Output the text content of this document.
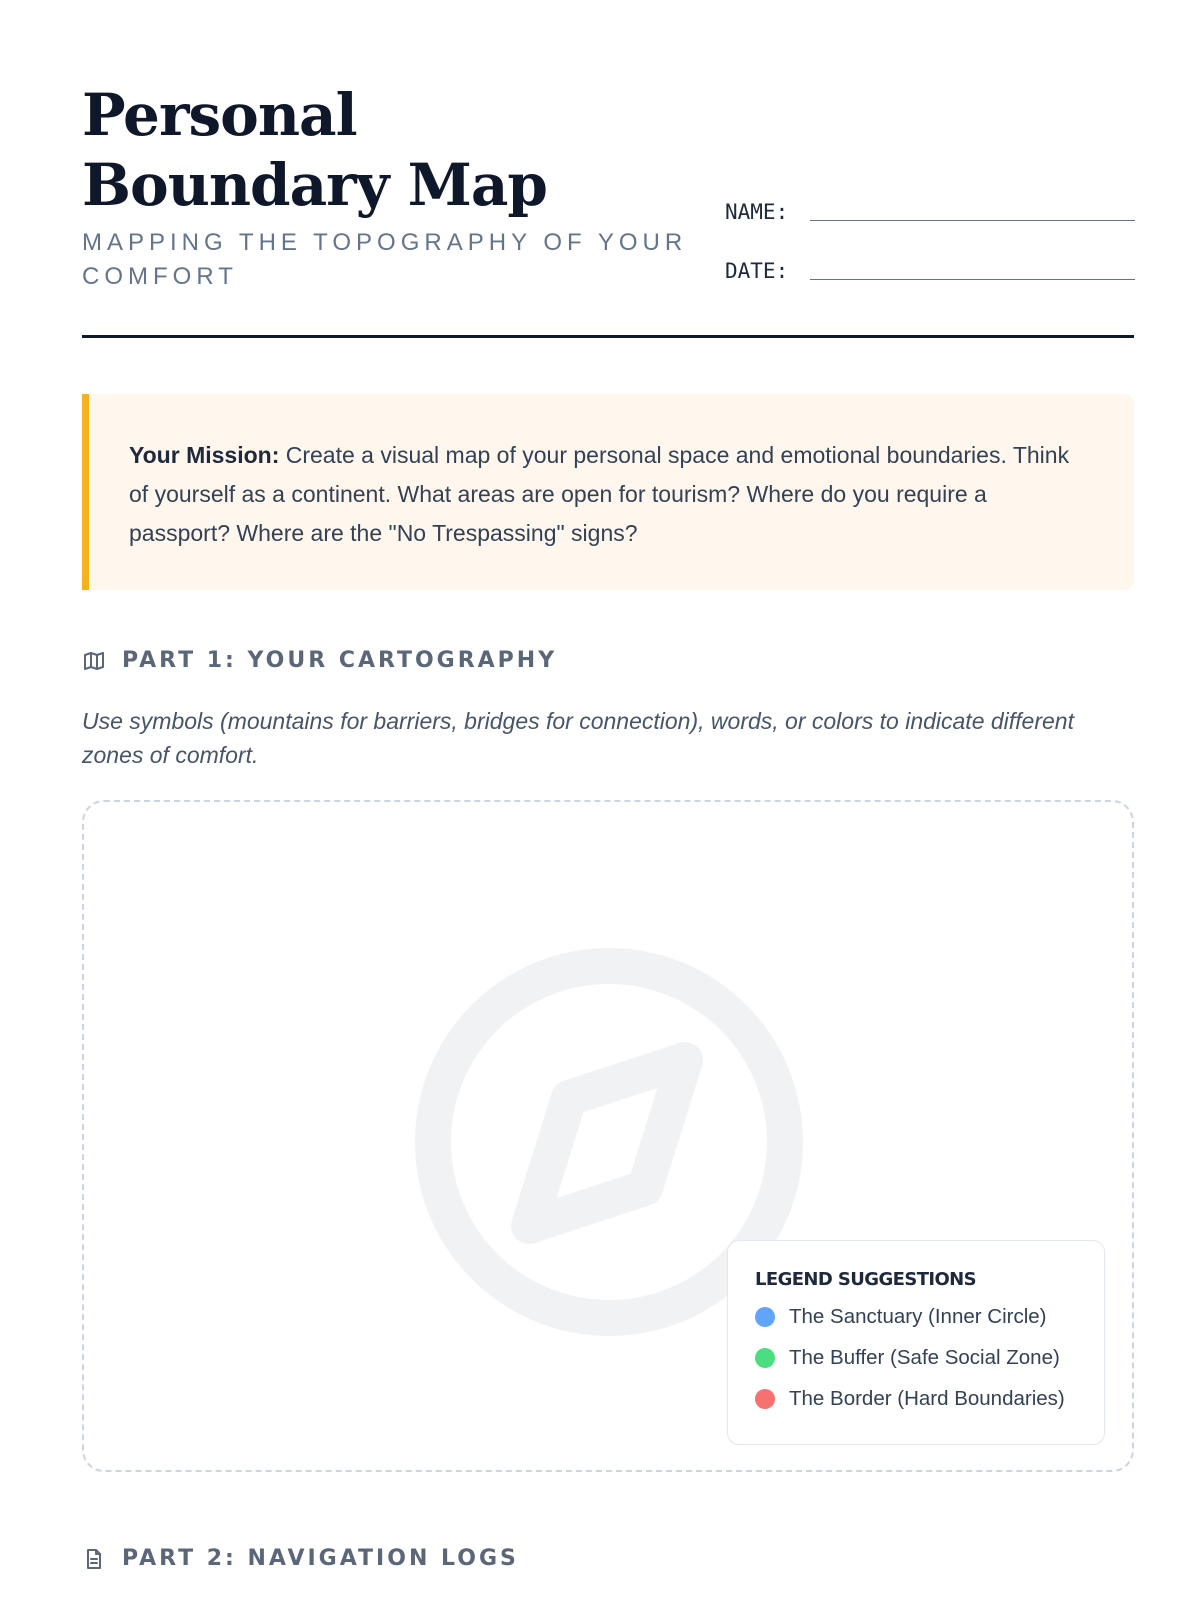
Personal Boundary Map

MAPPING THE TOPOGRAPHY OF YOUR COMFORT

NAME:
DATE:

Your Mission: Create a visual map of your personal space and emotional boundaries. Think of yourself as a continent. What areas are open for tourism? Where do you require a passport? Where are the "No Trespassing" signs?

PART 1: YOUR CARTOGRAPHY

Use symbols (mountains for barriers, bridges for connection), words, or colors to indicate different zones of comfort.

LEGEND SUGGESTIONS

The Sanctuary (Inner Circle)
The Buffer (Safe Social Zone)
The Border (Hard Boundaries)
PART 2: NAVIGATION LOGS
